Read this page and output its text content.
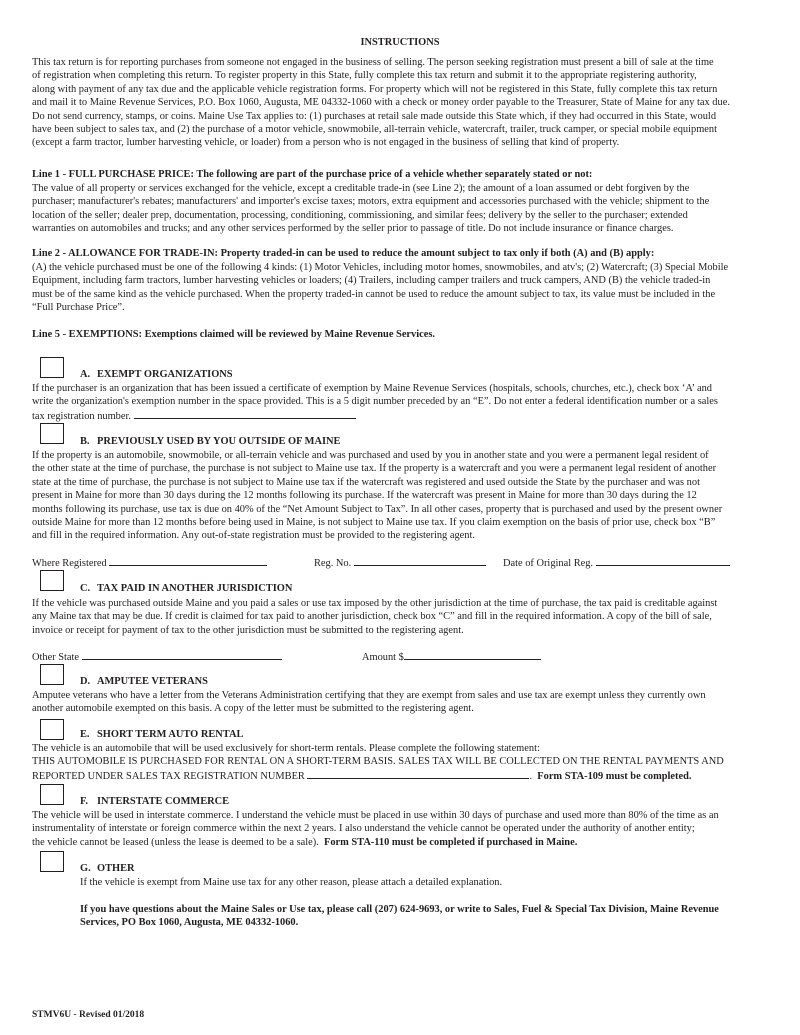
INSTRUCTIONS
This tax return is for reporting purchases from someone not engaged in the business of selling. The person seeking registration must present a bill of sale at the time
of registration when completing this return. To register property in this State, fully complete this tax return and submit it to the appropriate registering authority,
along with payment of any tax due and the applicable vehicle registration forms. For property which will not be registered in this State, fully complete this tax return
and mail it to Maine Revenue Services, P.O. Box 1060, Augusta, ME 04332-1060 with a check or money order payable to the Treasurer, State of Maine for any tax due.
Do not send currency, stamps, or coins. Maine Use Tax applies to: (1) purchases at retail sale made outside this State which, if they had occurred in this State, would
have been subject to sales tax, and (2) the purchase of a motor vehicle, snowmobile, all-terrain vehicle, watercraft, trailer, truck camper, or special mobile equipment
(except a farm tractor, lumber harvesting vehicle, or loader) from a person who is not engaged in the business of selling that kind of property.
Line 1 - FULL PURCHASE PRICE: The following are part of the purchase price of a vehicle whether separately stated or not:
The value of all property or services exchanged for the vehicle, except a creditable trade-in (see Line 2); the amount of a loan assumed or debt forgiven by the
purchaser; manufacturer's rebates; manufacturers' and importer's excise taxes; motors, extra equipment and accessories purchased with the vehicle; shipment to the
location of the seller; dealer prep, documentation, processing, conditioning, commissioning, and similar fees; delivery by the seller to the purchaser; extended
warranties on automobiles and trucks; and any other services performed by the seller prior to passage of title. Do not include insurance or finance charges.
Line 2 - ALLOWANCE FOR TRADE-IN: Property traded-in can be used to reduce the amount subject to tax only if both (A) and (B) apply:
(A) the vehicle purchased must be one of the following 4 kinds: (1) Motor Vehicles, including motor homes, snowmobiles, and atv's; (2) Watercraft; (3) Special Mobile
Equipment, including farm tractors, lumber harvesting vehicles or loaders; (4) Trailers, including camper trailers and truck campers, AND (B) the vehicle traded-in
must be of the same kind as the vehicle purchased. When the property traded-in cannot be used to reduce the amount subject to tax, its value must be included in the
“Full Purchase Price”.
Line 5 - EXEMPTIONS: Exemptions claimed will be reviewed by Maine Revenue Services.
A. EXEMPT ORGANIZATIONS
If the purchaser is an organization that has been issued a certificate of exemption by Maine Revenue Services (hospitals, schools, churches, etc.), check box ‘A’ and
write the organization's exemption number in the space provided. This is a 5 digit number preceded by an “E”. Do not enter a federal identification number or a sales
tax registration number.
B. PREVIOUSLY USED BY YOU OUTSIDE OF MAINE
If the property is an automobile, snowmobile, or all-terrain vehicle and was purchased and used by you in another state and you were a permanent legal resident of
the other state at the time of purchase, the purchase is not subject to Maine use tax. If the property is a watercraft and you were a permanent legal resident of another
state at the time of purchase, the purchase is not subject to Maine use tax if the watercraft was registered and used outside the State by the purchaser and was not
present in Maine for more than 30 days during the 12 months following its purchase. If the watercraft was present in Maine for more than 30 days during the 12
months following its purchase, use tax is due on 40% of the “Net Amount Subject to Tax”. In all other cases, property that is purchased and used by the present owner
outside Maine for more than 12 months before being used in Maine, is not subject to Maine use tax. If you claim exemption on the basis of prior use, check box “B”
and fill in the required information. Any out-of-state registration must be provided to the registering agent.
Where Registered	Reg. No.	Date of Original Reg.
C. TAX PAID IN ANOTHER JURISDICTION
If the vehicle was purchased outside Maine and you paid a sales or use tax imposed by the other jurisdiction at the time of purchase, the tax paid is creditable against
any Maine tax that may be due. If credit is claimed for tax paid to another jurisdiction, check box “C” and fill in the required information. A copy of the bill of sale,
invoice or receipt for payment of tax to the other jurisdiction must be submitted to the registering agent.
Other State	Amount $
D. AMPUTEE VETERANS
Amputee veterans who have a letter from the Veterans Administration certifying that they are exempt from sales and use tax are exempt unless they currently own
another automobile exempted on this basis. A copy of the letter must be submitted to the registering agent.
E. SHORT TERM AUTO RENTAL
The vehicle is an automobile that will be used exclusively for short-term rentals. Please complete the following statement:
THIS AUTOMOBILE IS PURCHASED FOR RENTAL ON A SHORT-TERM BASIS. SALES TAX WILL BE COLLECTED ON THE RENTAL PAYMENTS AND
REPORTED UNDER SALES TAX REGISTRATION NUMBER	. Form STA-109 must be completed.
F. INTERSTATE COMMERCE
The vehicle will be used in interstate commerce. I understand the vehicle must be placed in use within 30 days of purchase and used more than 80% of the time as an
instrumentality of interstate or foreign commerce within the next 2 years. I also understand the vehicle cannot be operated under the authority of another entity;
the vehicle cannot be leased (unless the lease is deemed to be a sale). Form STA-110 must be completed if purchased in Maine.
G. OTHER
If the vehicle is exempt from Maine use tax for any other reason, please attach a detailed explanation.
If you have questions about the Maine Sales or Use tax, please call (207) 624-9693, or write to Sales, Fuel & Special Tax Division, Maine Revenue
Services, PO Box 1060, Augusta, ME 04332-1060.
STMV6U - Revised 01/2018
